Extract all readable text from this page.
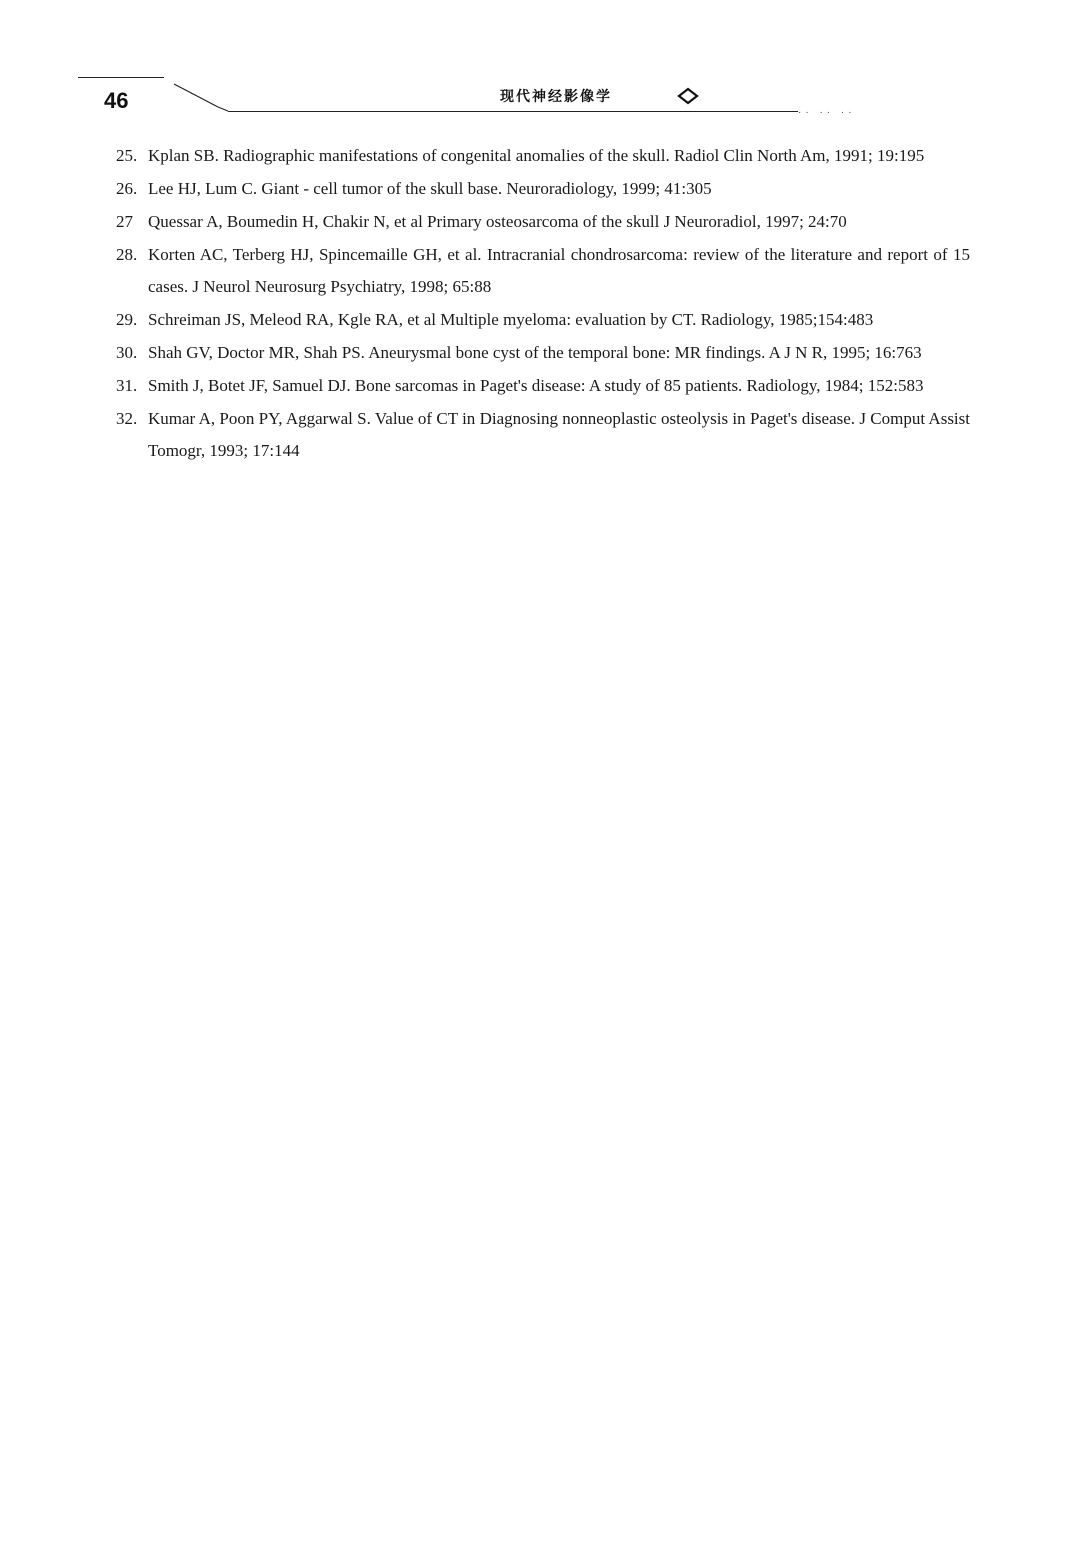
46	·· ·· ··
现代神经影像学
25. Kplan SB. Radiographic manifestations of congenital anomalies of the skull. Radiol Clin North Am, 1991; 19:195
26. Lee HJ, Lum C. Giant - cell tumor of the skull base. Neuroradiology, 1999; 41:305
27 Quessar A, Boumedin H, Chakir N, et al Primary osteosarcoma of the skull J Neuroradiol, 1997; 24:70
28. Korten AC, Terberg HJ, Spincemaille GH, et al. Intracranial chondrosarcoma: review of the literature and report of 15 cases. J Neurol Neurosurg Psychiatry, 1998; 65:88
29. Schreiman JS, Meleod RA, Kgle RA, et al Multiple myeloma: evaluation by CT. Radiology, 1985;154:483
30. Shah GV, Doctor MR, Shah PS. Aneurysmal bone cyst of the temporal bone: MR findings. A J N R, 1995; 16:763
31. Smith J, Botet JF, Samuel DJ. Bone sarcomas in Paget's disease: A study of 85 patients. Radiology, 1984; 152:583
32. Kumar A, Poon PY, Aggarwal S. Value of CT in Diagnosing nonneoplastic osteolysis in Paget's disease. J Comput Assist Tomogr, 1993; 17:144
